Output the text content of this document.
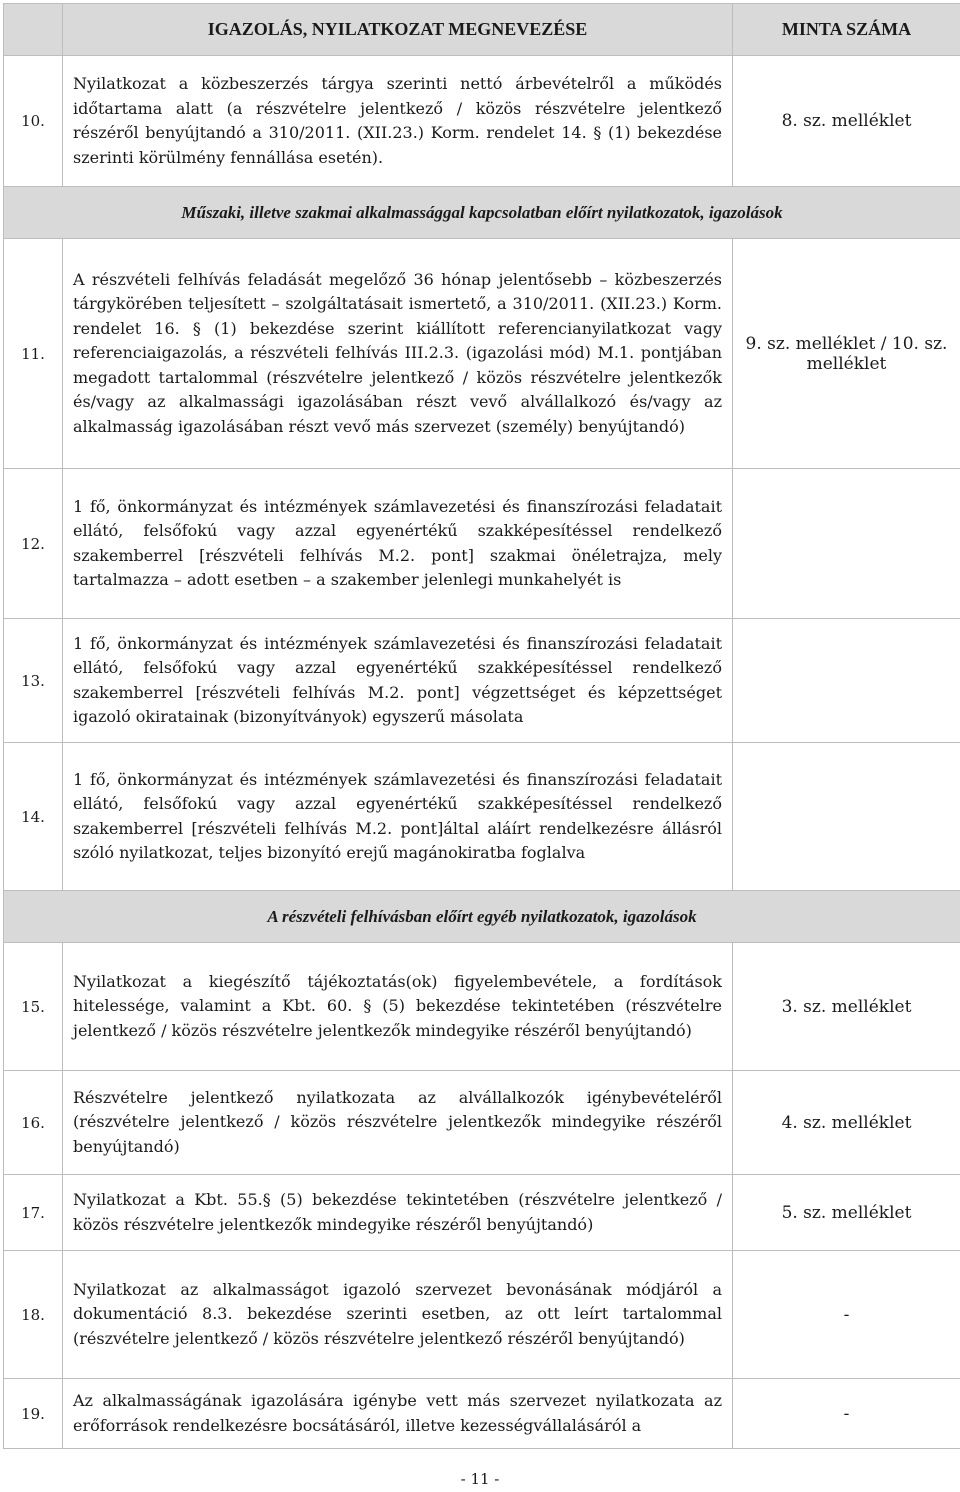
	IGAZOLÁS, NYILATKOZAT MEGNEVEZÉSE	MINTA SZÁMA
10.	Nyilatkozat a közbeszerzés tárgya szerinti nettó árbevételről a működés időtartama alatt (a részvételre jelentkező / közös részvételre jelentkező részéről benyújtandó a 310/2011. (XII.23.) Korm. rendelet 14. § (1) bekezdése szerinti körülmény fennállása esetén).	8. sz. melléklet
Műszaki, illetve szakmai alkalmassággal kapcsolatban előírt nyilatkozatok, igazolások		
11.	A részvételi felhívás feladását megelőző 36 hónap jelentősebb – közbeszerzés tárgykörében teljesített – szolgáltatásait ismertető, a 310/2011. (XII.23.) Korm. rendelet 16. § (1) bekezdése szerint kiállított referencianyilatkozat vagy referenciaigazolás, a részvételi felhívás III.2.3. (igazolási mód) M.1. pontjában megadott tartalommal (részvételre jelentkező / közös részvételre jelentkezők és/vagy az alkalmassági igazolásában részt vevő alvállalkozó és/vagy az alkalmasság igazolásában részt vevő más szervezet (személy) benyújtandó)	9. sz. melléklet / 10. sz. melléklet
12.	1 fő, önkormányzat és intézmények számlavezetési és finanszírozási feladatait ellátó, felsőfokú vagy azzal egyenértékű szakképesítéssel rendelkező szakemberrel [részvételi felhívás M.2. pont] szakmai önéletrajza, mely tartalmazza – adott esetben – a szakember jelenlegi munkahelyét is	

13.	1 fő, önkormányzat és intézmények számlavezetési és finanszírozási feladatait ellátó, felsőfokú vagy azzal egyenértékű szakképesítéssel rendelkező szakemberrel [részvételi felhívás M.2. pont] végzettséget és képzettséget igazoló okiratainak (bizonyítványok) egyszerű másolata	

14.	1 fő, önkormányzat és intézmények számlavezetési és finanszírozási feladatait ellátó, felsőfokú vagy azzal egyenértékű szakképesítéssel rendelkező szakemberrel [részvételi felhívás M.2. pont]által aláírt rendelkezésre állásról szóló nyilatkozat, teljes bizonyító erejű magánokiratba foglalva	

A részvételi felhívásban előírt egyéb nyilatkozatok, igazolások		
15.	Nyilatkozat a kiegészítő tájékoztatás(ok) figyelembevétele, a fordítások hitelessége, valamint a Kbt. 60. § (5) bekezdése tekintetében (részvételre jelentkező / közös részvételre jelentkezők mindegyike részéről benyújtandó)	3. sz. melléklet
16.	Részvételre jelentkező nyilatkozata az alvállalkozók igénybevételéről (részvételre jelentkező / közös részvételre jelentkezők mindegyike részéről benyújtandó)	4. sz. melléklet
17.	Nyilatkozat a Kbt. 55.§ (5) bekezdése tekintetében (részvételre jelentkező / közös részvételre jelentkezők mindegyike részéről benyújtandó)	5. sz. melléklet
18.	Nyilatkozat az alkalmasságot igazoló szervezet bevonásának módjáról a dokumentáció 8.3. bekezdése szerinti esetben, az ott leírt tartalommal (részvételre jelentkező / közös részvételre jelentkező részéről benyújtandó)	-
19.	Az alkalmasságának igazolására igénybe vett más szervezet nyilatkozata az erőforrások rendelkezésre bocsátásáról, illetve kezességvállalásáról a	-
- 11 -
